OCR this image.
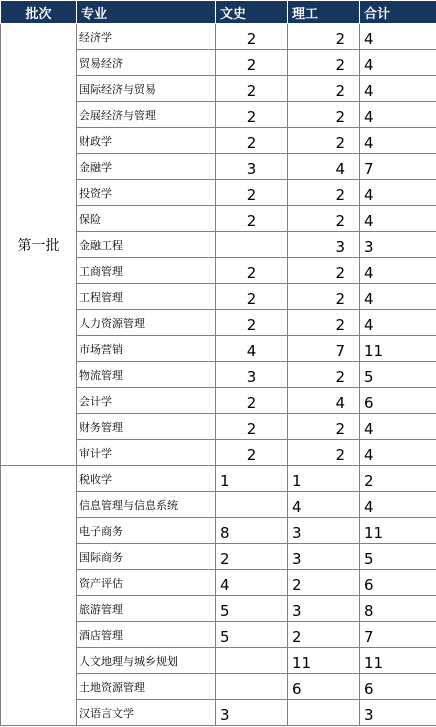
批次	专业	文史	理工	合计
第一批	经济学	2	2	4
	贸易经济	2	2	4
	国际经济与贸易	2	2	4
	会展经济与管理	2	2	4
	财政学	2	2	4
	金融学	3	4	7
	投资学	2	2	4
	保险	2	2	4
	金融工程		3	3
	工商管理	2	2	4
	工程管理	2	2	4
	人力资源管理	2	2	4
	市场营销	4	7	11
	物流管理	3	2	5
	会计学	2	4	6
	财务管理	2	2	4
	审计学	2	2	4
	税收学	1	1	2
	信息管理与信息系统		4	4
	电子商务	8	3	11
	国际商务	2	3	5
	资产评估	4	2	6
	旅游管理	5	3	8
	酒店管理	5	2	7
	人文地理与城乡规划		11	11
	土地资源管理		6	6
	汉语言文学	3		3
